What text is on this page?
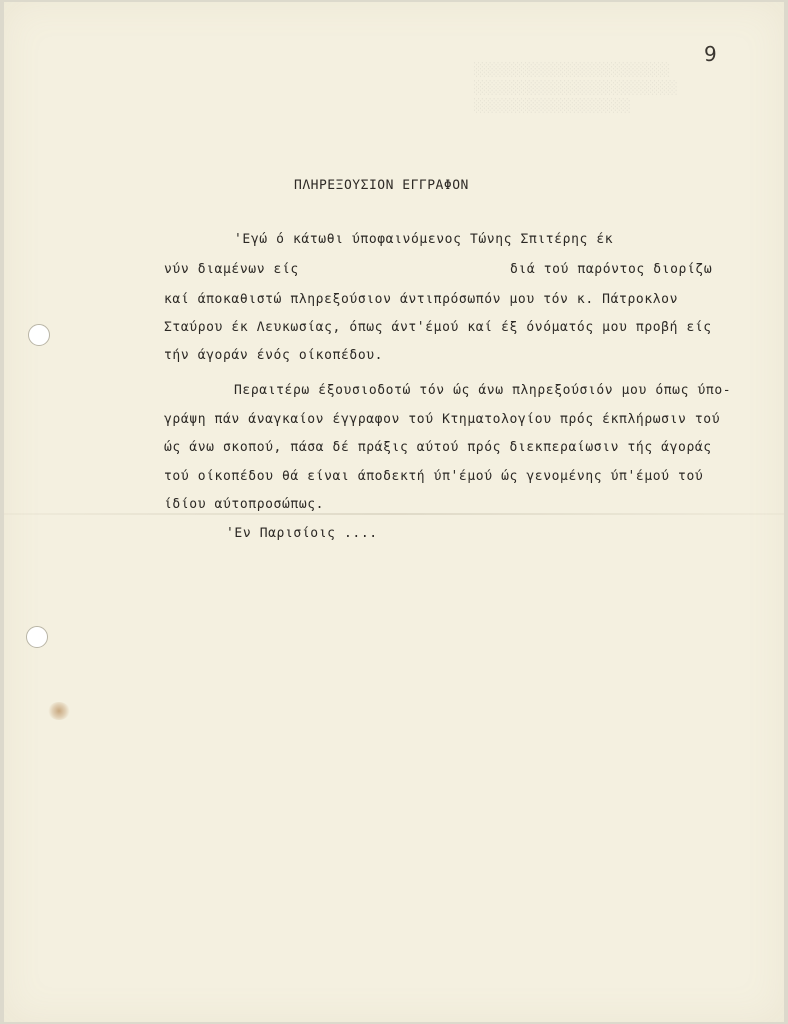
░░░░░░░░░░░░░░░░░░░░░░░░░
░░░░░░░░░░░░░░░░░░░░░░░░░░
░░░░░░░░░░░░░░░░░░░░
9
ΠΛΗΡΕΞΟΥΣΙΟΝ ΕΓΓΡΑΦΟΝ
'Εγώ ό κάτωθι ύποφαινόμενος Τώνης Σπιτέρης έκ
νύν διαμένων είς	διά τού παρόντος διορίζω
καί άποκαθιστώ πληρεξούσιον άντιπρόσωπόν μου τόν κ. Πάτροκλον
Σταύρου έκ Λευκωσίας, όπως άντ'έμού καί έξ όνόματός μου προβή είς
τήν άγοράν ένός οίκοπέδου.
Περαιτέρω έξουσιοδοτώ τόν ώς άνω πληρεξούσιόν μου όπως ύπο-
γράψη πάν άναγκαίον έγγραφον τού Κτηματολογίου πρός έκπλήρωσιν τού
ώς άνω σκοπού, πάσα δέ πράξις αύτού πρός διεκπεραίωσιν τής άγοράς
τού οίκοπέδου θά είναι άποδεκτή ύπ'έμού ώς γενομένης ύπ'έμού τού
ίδίου αύτοπροσώπως.
'Εν Παρισίοις ....
